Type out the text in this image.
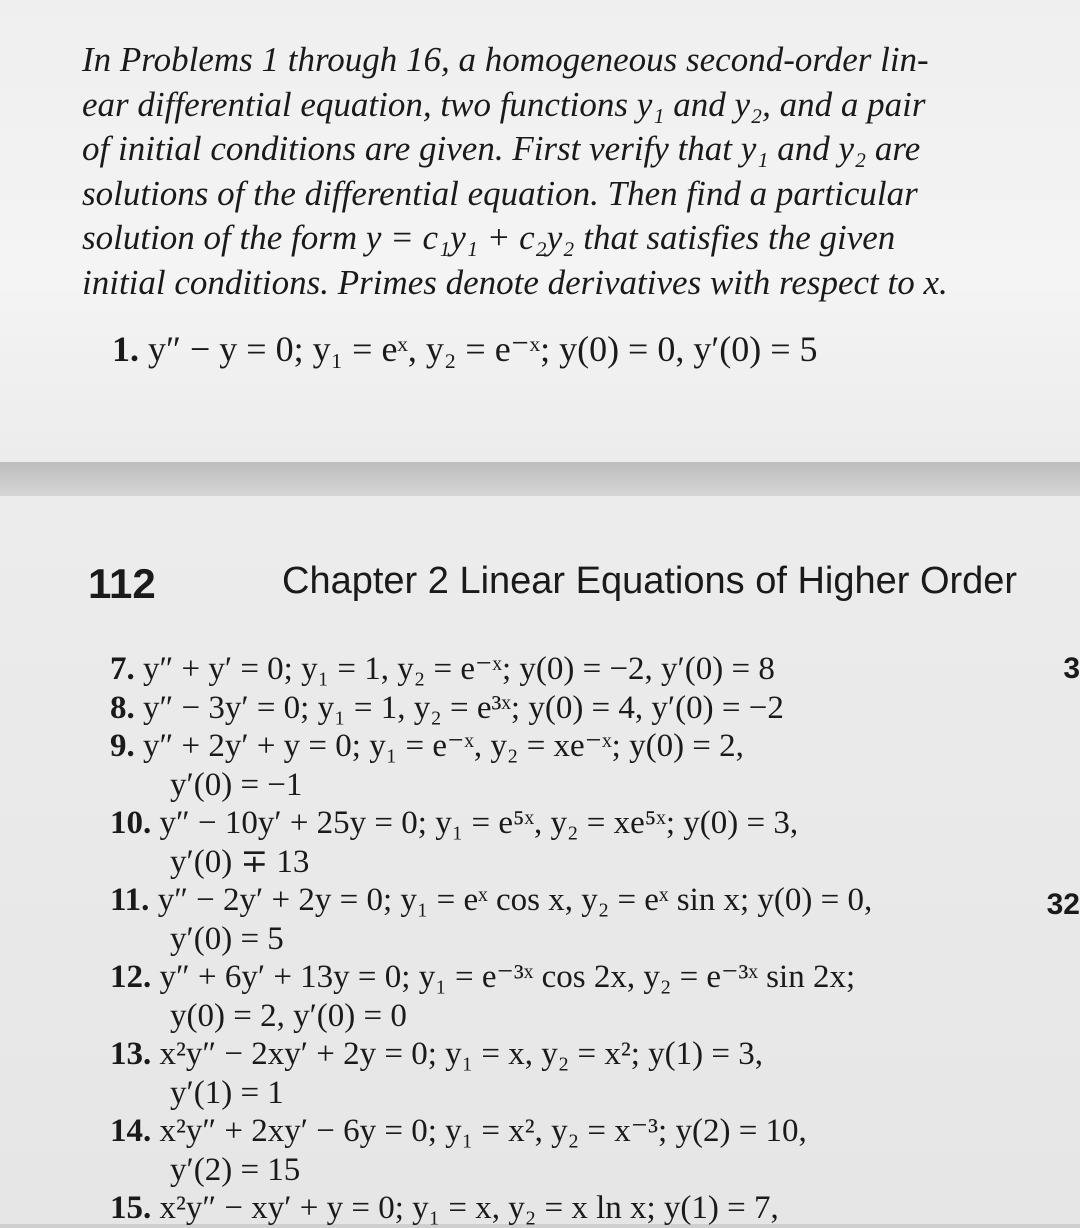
In Problems 1 through 16, a homogeneous second-order lin-
ear differential equation, two functions y₁ and y₂, and a pair
of initial conditions are given. First verify that y₁ and y₂ are
solutions of the differential equation. Then find a particular
solution of the form y = c₁y₁ + c₂y₂ that satisfies the given
initial conditions. Primes denote derivatives with respect to x.

1. y″ − y = 0; y₁ = eˣ, y₂ = e⁻ˣ; y(0) = 0, y′(0) = 5
112	Chapter 2 Linear Equations of Higher Order
3
32
7. y″ + y′ = 0; y₁ = 1, y₂ = e⁻ˣ; y(0) = −2, y′(0) = 8
8. y″ − 3y′ = 0; y₁ = 1, y₂ = e³ˣ; y(0) = 4, y′(0) = −2
9. y″ + 2y′ + y = 0; y₁ = e⁻ˣ, y₂ = xe⁻ˣ; y(0) = 2,
y′(0) = −1
10. y″ − 10y′ + 25y = 0; y₁ = e⁵ˣ, y₂ = xe⁵ˣ; y(0) = 3,
y′(0) ∓ 13
11. y″ − 2y′ + 2y = 0; y₁ = eˣ cos x, y₂ = eˣ sin x; y(0) = 0,
y′(0) = 5
12. y″ + 6y′ + 13y = 0; y₁ = e⁻³ˣ cos 2x, y₂ = e⁻³ˣ sin 2x;
y(0) = 2, y′(0) = 0
13. x²y″ − 2xy′ + 2y = 0; y₁ = x, y₂ = x²; y(1) = 3,
y′(1) = 1
14. x²y″ + 2xy′ − 6y = 0; y₁ = x², y₂ = x⁻³; y(2) = 10,
y′(2) = 15
15. x²y″ − xy′ + y = 0; y₁ = x, y₂ = x ln x; y(1) = 7,
